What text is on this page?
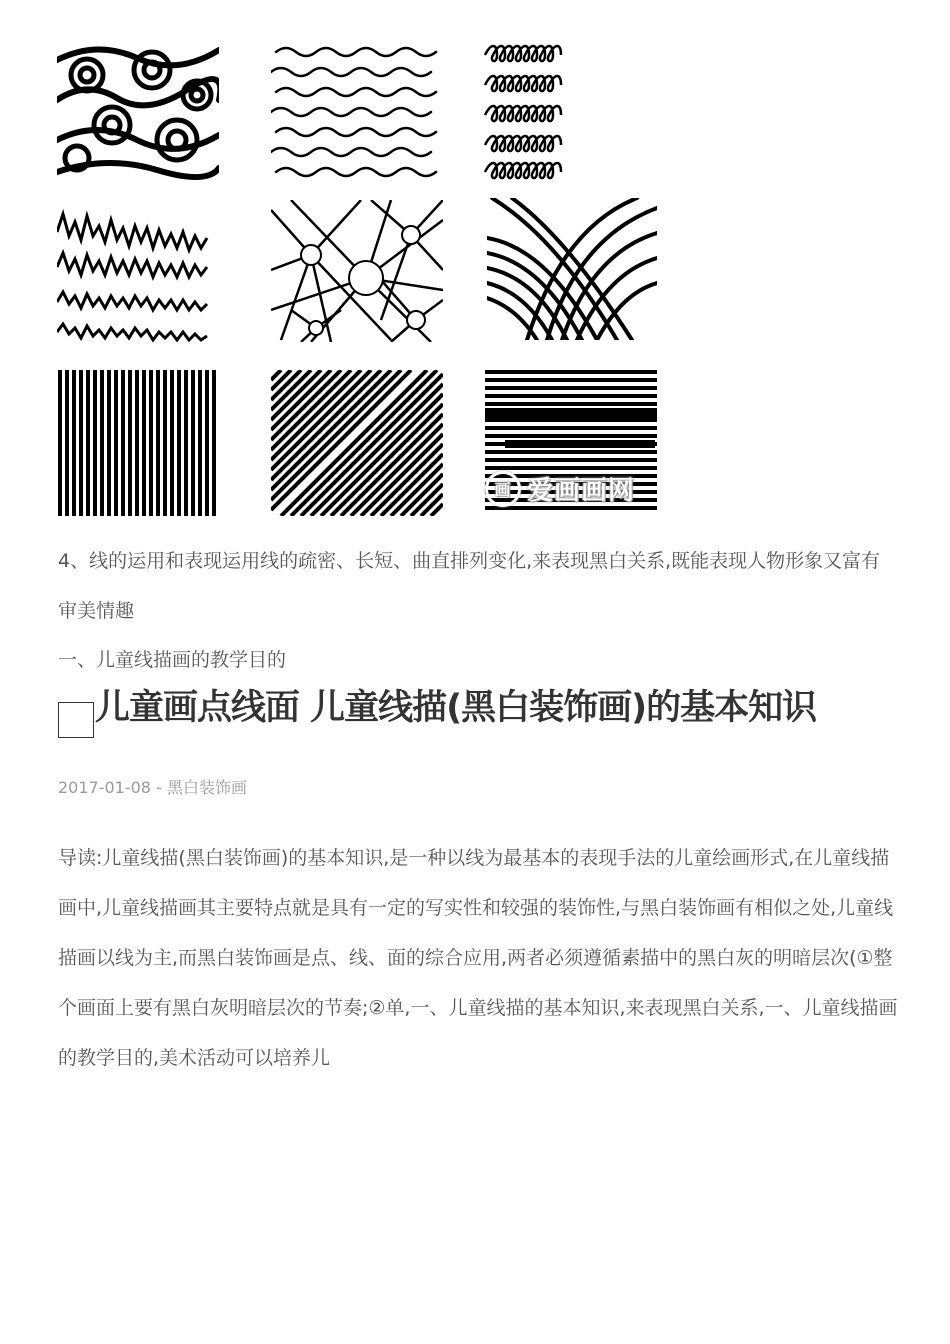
画 爱画画网
4、线的运用和表现运用线的疏密、长短、曲直排列变化,来表现黑白关系,既能表现人物形象又富有审美情趣
一、儿童线描画的教学目的
儿童画点线面 儿童线描(黑白装饰画)的基本知识
2017-01-08 - 黑白装饰画
导读:儿童线描(黑白装饰画)的基本知识,是一种以线为最基本的表现手法的儿童绘画形式,在儿童线描画中,儿童线描画其主要特点就是具有一定的写实性和较强的装饰性,与黑白装饰画有相似之处,儿童线描画以线为主,而黑白装饰画是点、线、面的综合应用,两者必须遵循素描中的黑白灰的明暗层次(①整个画面上要有黑白灰明暗层次的节奏;②单,一、儿童线描的基本知识,来表现黑白关系,一、儿童线描画的教学目的,美术活动可以培养儿
